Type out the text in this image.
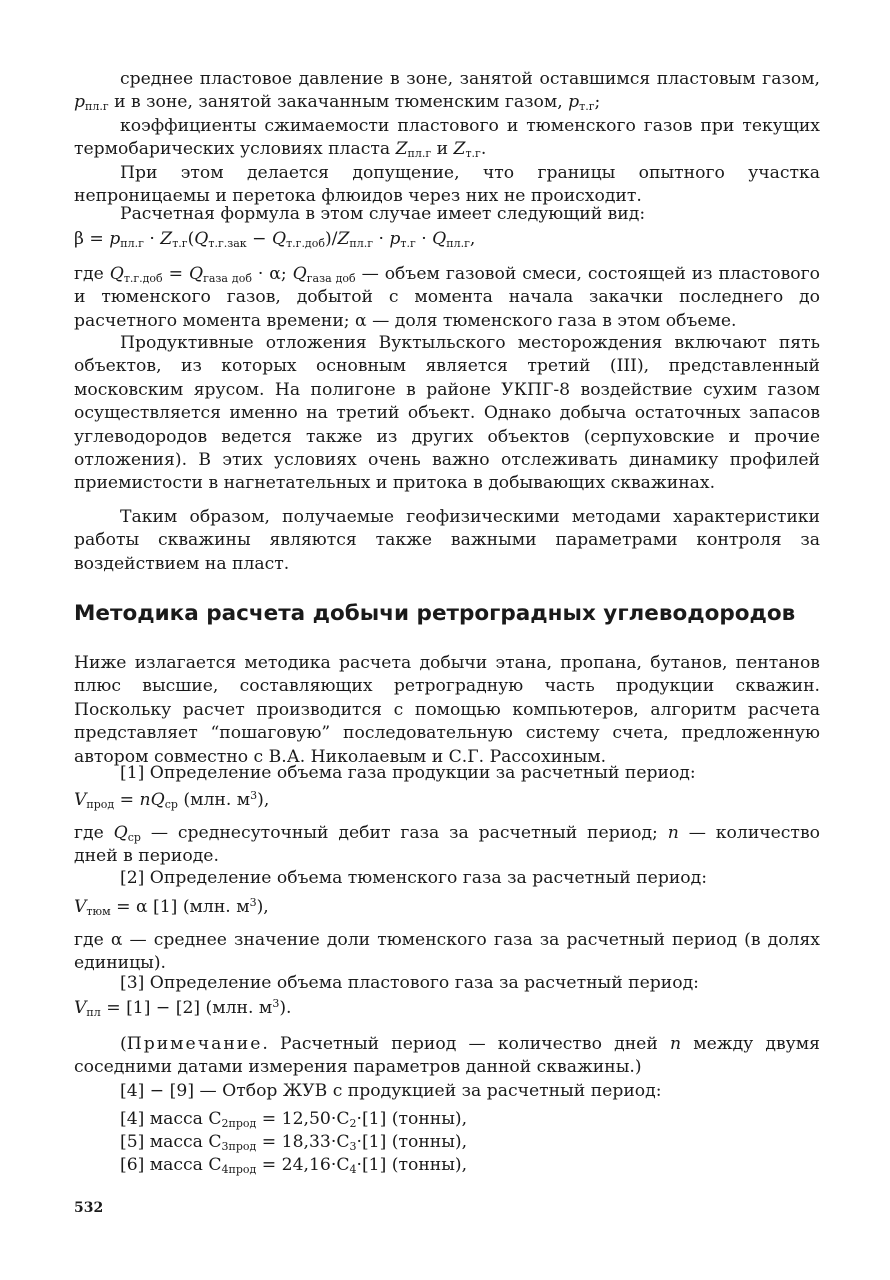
среднее пластовое давление в зоне, занятой оставшимся пластовым газом, $p_{пл.г}$ и в зоне, занятой закачанным тюменским газом, $p_{т.г}$;
коэффициенты сжимаемости пластового и тюменского газов при текущих термобарических условиях пласта $Z_{пл.г}$ и $Z_{т.г}$.
При этом делается допущение, что границы опытного участка непроницаемы и перетока флюидов через них не происходит.
Расчетная формула в этом случае имеет следующий вид:
$\beta = p_{пл.г} \cdot Z_{т.г}(Q_{т.г.зак} - Q_{т.г.доб})/Z_{пл.г} \cdot p_{т.г} \cdot Q_{пл.г}$,
где $Q_{т.г.доб} = Q_{газа доб} \cdot \alpha$; $Q_{газа доб}$ — объем газовой смеси, состоящей из пластового и тюменского газов, добытой с момента начала закачки последнего до расчетного момента времени; α — доля тюменского газа в этом объеме.
Продуктивные отложения Вуктыльского месторождения включают пять объектов, из которых основным является третий (III), представленный московским ярусом. На полигоне в районе УКПГ-8 воздействие сухим газом осуществляется именно на третий объект. Однако добыча остаточных запасов углеводородов ведется также из других объектов (серпуховские и прочие отложения). В этих условиях очень важно отслеживать динамику профилей приемистости в нагнетательных и притока в добывающих скважинах.
Таким образом, получаемые геофизическими методами характеристики работы скважины являются также важными параметрами контроля за воздействием на пласт.
Методика расчета добычи ретроградных углеводородов
Ниже излагается методика расчета добычи этана, пропана, бутанов, пентанов плюс высшие, составляющих ретроградную часть продукции скважин. Поскольку расчет производится с помощью компьютеров, алгоритм расчета представляет “пошаговую” последовательную систему счета, предложенную автором совместно с В.А. Николаевым и С.Г. Рассохиным.
[1] Определение объема газа продукции за расчетный период:
$V_{прод} = nQ_{ср}$ (млн. $м^3$),
где $Q_{ср}$ — среднесуточный дебит газа за расчетный период; n — количество дней в периоде.
[2] Определение объема тюменского газа за расчетный период:
$V_{тюм} = \alpha$ [1] (млн. $м^3$),
где α — среднее значение доли тюменского газа за расчетный период (в долях единицы).
[3] Определение объема пластового газа за расчетный период:
$V_{пл} = [1] - [2]$ (млн. $м^3$).
(Примечание. Расчетный период — количество дней n между двумя соседними датами измерения параметров данной скважины.)
[4] − [9] — Отбор ЖУВ с продукцией за расчетный период:
[4] масса $C_{2прод} = 12,50\cdot C_2\cdot[1]$ (тонны),
[5] масса $C_{3прод} = 18,33\cdot C_3\cdot[1]$ (тонны),
[6] масса $C_{4прод} = 24,16\cdot C_4\cdot[1]$ (тонны),
532
